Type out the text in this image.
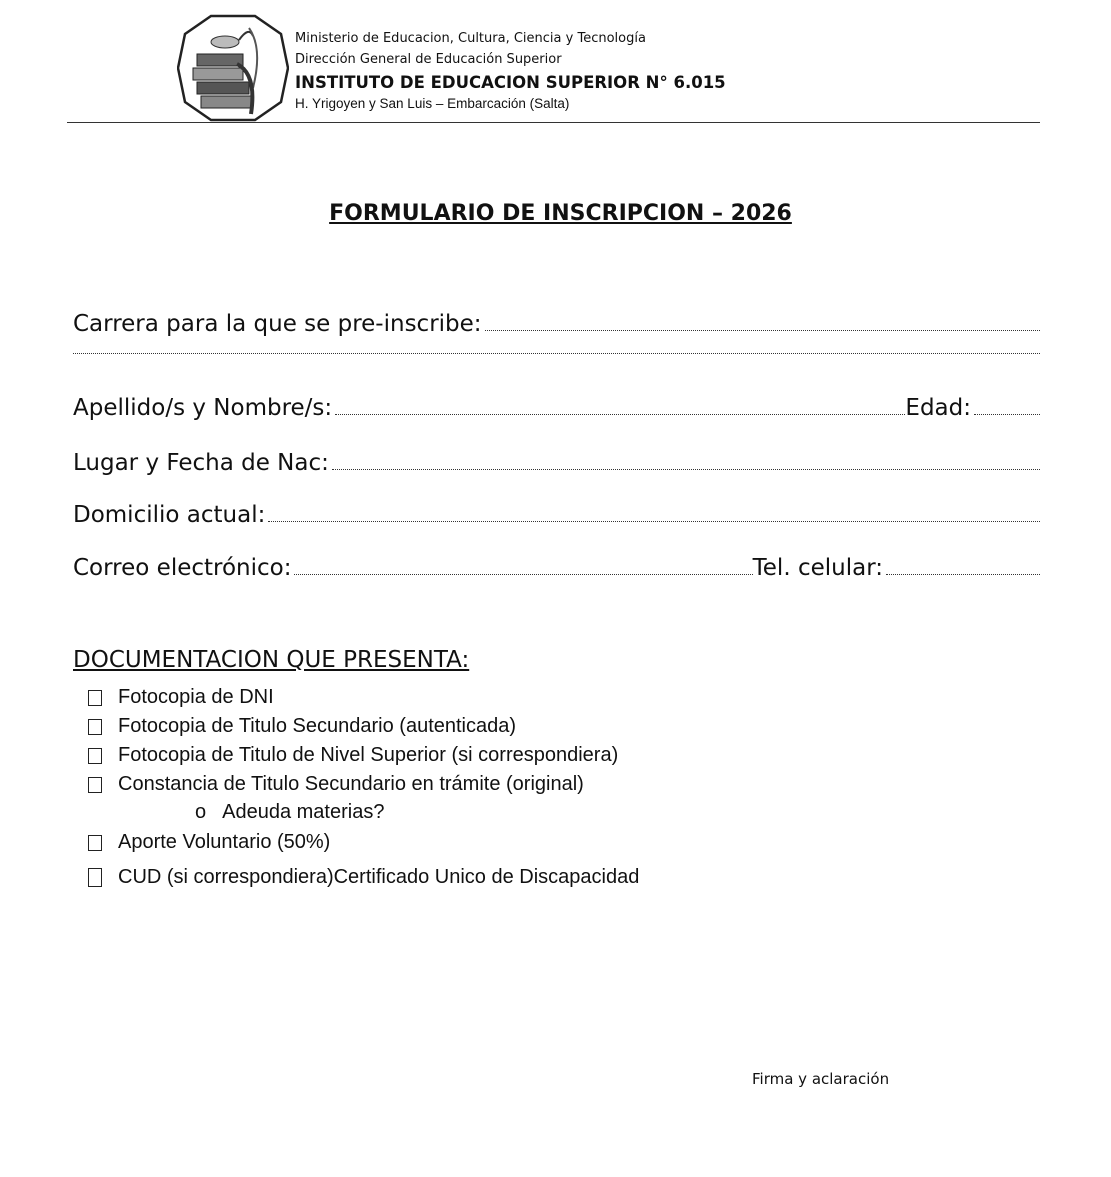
Ministerio de Educacion, Cultura, Ciencia y Tecnología
Dirección General de Educación Superior
INSTITUTO DE EDUCACION SUPERIOR N° 6.015
H. Yrigoyen y San Luis – Embarcación (Salta)
FORMULARIO DE INSCRIPCION – 2026
Carrera para la que se pre-inscribe:
Apellido/s y Nombre/s:	Edad:
Lugar y Fecha de Nac:
Domicilio actual:
Correo electrónico:	Tel. celular:
DOCUMENTACION QUE PRESENTA:
Fotocopia de DNI
Fotocopia de Titulo Secundario (autenticada)
Fotocopia de Titulo de Nivel Superior (si correspondiera)
Constancia de Titulo Secundario en trámite (original)
o Adeuda materias?
Aporte Voluntario (50%)
CUD (si correspondiera)Certificado Unico de Discapacidad
Firma y aclaración
